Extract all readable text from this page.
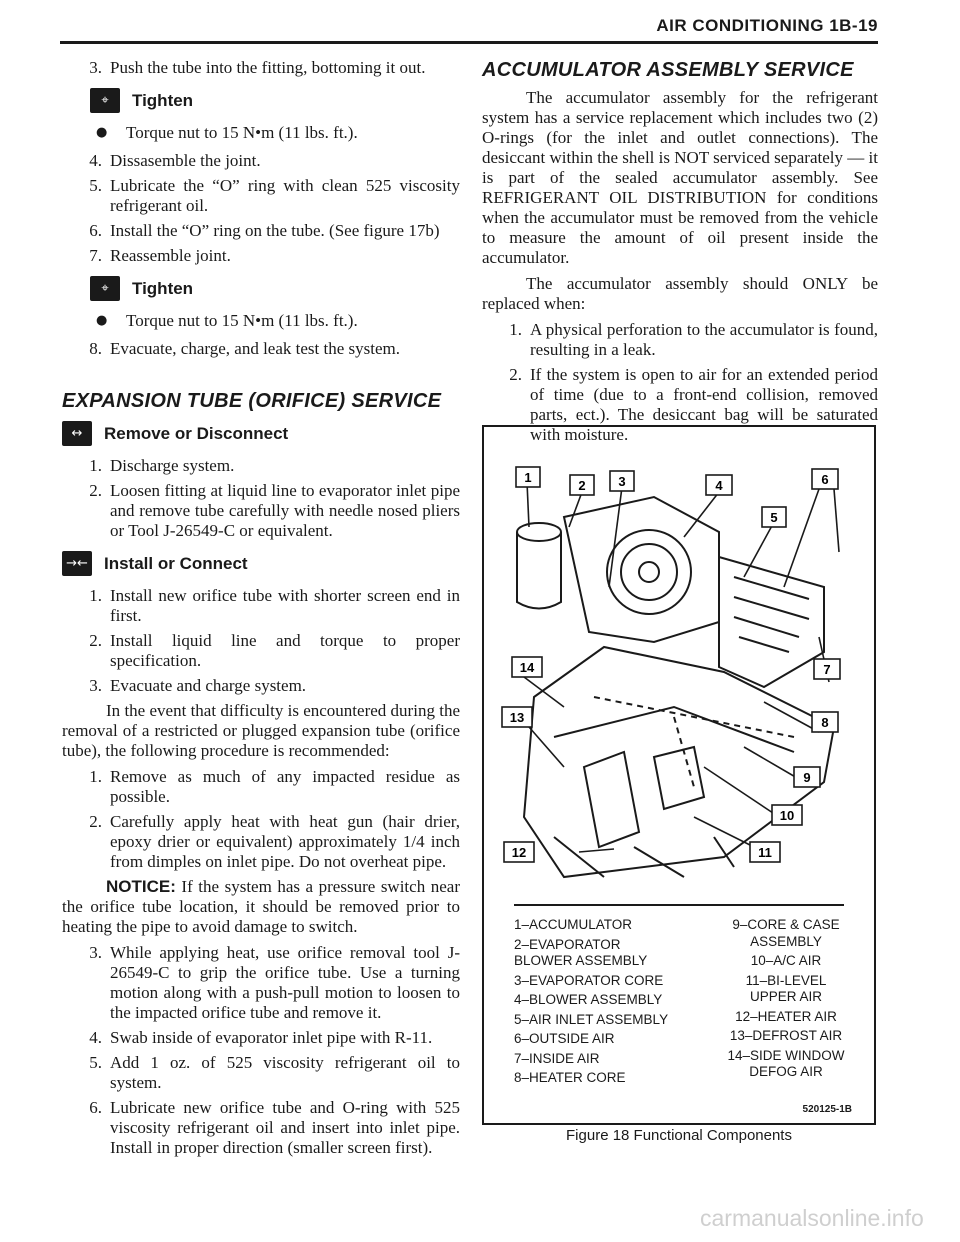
AIR CONDITIONING 1B-19
3. Push the tube into the fitting, bottoming it out.
⌖	Tighten
●	Torque nut to 15 N•m (11 lbs. ft.).
4. Dissasemble the joint.
5. Lubricate the “O” ring with clean 525 viscosity refrigerant oil.
6. Install the “O” ring on the tube. (See figure 17b)
7. Reassemble joint.
⌖	Tighten
●	Torque nut to 15 N•m (11 lbs. ft.).
8. Evacuate, charge, and leak test the system.
EXPANSION TUBE (ORIFICE) SERVICE
↔	Remove or Disconnect
1. Discharge system.
2. Loosen fitting at liquid line to evaporator inlet pipe and remove tube carefully with needle nosed pliers or Tool J-26549-C or equivalent.
→← Install or Connect
1. Install new orifice tube with shorter screen end in first.
2. Install liquid line and torque to proper specification.
3. Evacuate and charge system.

In the event that difficulty is encountered during the removal of a restricted or plugged expansion tube (orifice tube), the following procedure is recommended:

1. Remove as much of any impacted residue as possible.
2. Carefully apply heat with heat gun (hair drier, epoxy drier or equivalent) approximately 1/4 inch from dimples on inlet pipe. Do not overheat pipe.

NOTICE: If the system has a pressure switch near the orifice tube location, it should be removed prior to heating the pipe to avoid damage to switch.

3. While applying heat, use orifice removal tool J-26549-C to grip the orifice tube. Use a turning motion along with a push-pull motion to loosen to the impacted orifice tube and remove it.
4. Swab inside of evaporator inlet pipe with R-11.
5. Add 1 oz. of 525 viscosity refrigerant oil to system.
6. Lubricate new orifice tube and O-ring with 525 viscosity refrigerant oil and insert into inlet pipe. Install in proper direction (smaller screen first).
ACCUMULATOR ASSEMBLY SERVICE

The accumulator assembly for the refrigerant system has a service replacement which includes two (2) O-rings (for the inlet and outlet connections). The desiccant within the shell is NOT serviced separately — it is part of the sealed accumulator assembly. See REFRIGERANT OIL DISTRIBUTION for conditions when the accumulator must be removed from the vehicle to measure the amount of oil present inside the accumulator.

The accumulator assembly should ONLY be replaced when:

1. A physical perforation to the accumulator is found, resulting in a leak.
2. If the system is open to air for an extended period of time (due to a front-end collision, removed parts, ect.). The desiccant bag will be saturated with moisture.
1
2	3	4
5
6
7
8
9
10
11
12
13
14
1–ACCUMULATOR
2–EVAPORATOR
BLOWER ASSEMBLY
3–EVAPORATOR CORE
4–BLOWER ASSEMBLY
5–AIR INLET ASSEMBLY
6–OUTSIDE AIR
7–INSIDE AIR
8–HEATER CORE
9–CORE & CASE
ASSEMBLY
10–A/C AIR
11–BI-LEVEL
UPPER AIR
12–HEATER AIR
13–DEFROST AIR
14–SIDE WINDOW
DEFOG AIR
520125-1B
Figure 18 Functional Components
carmanualsonline.info
